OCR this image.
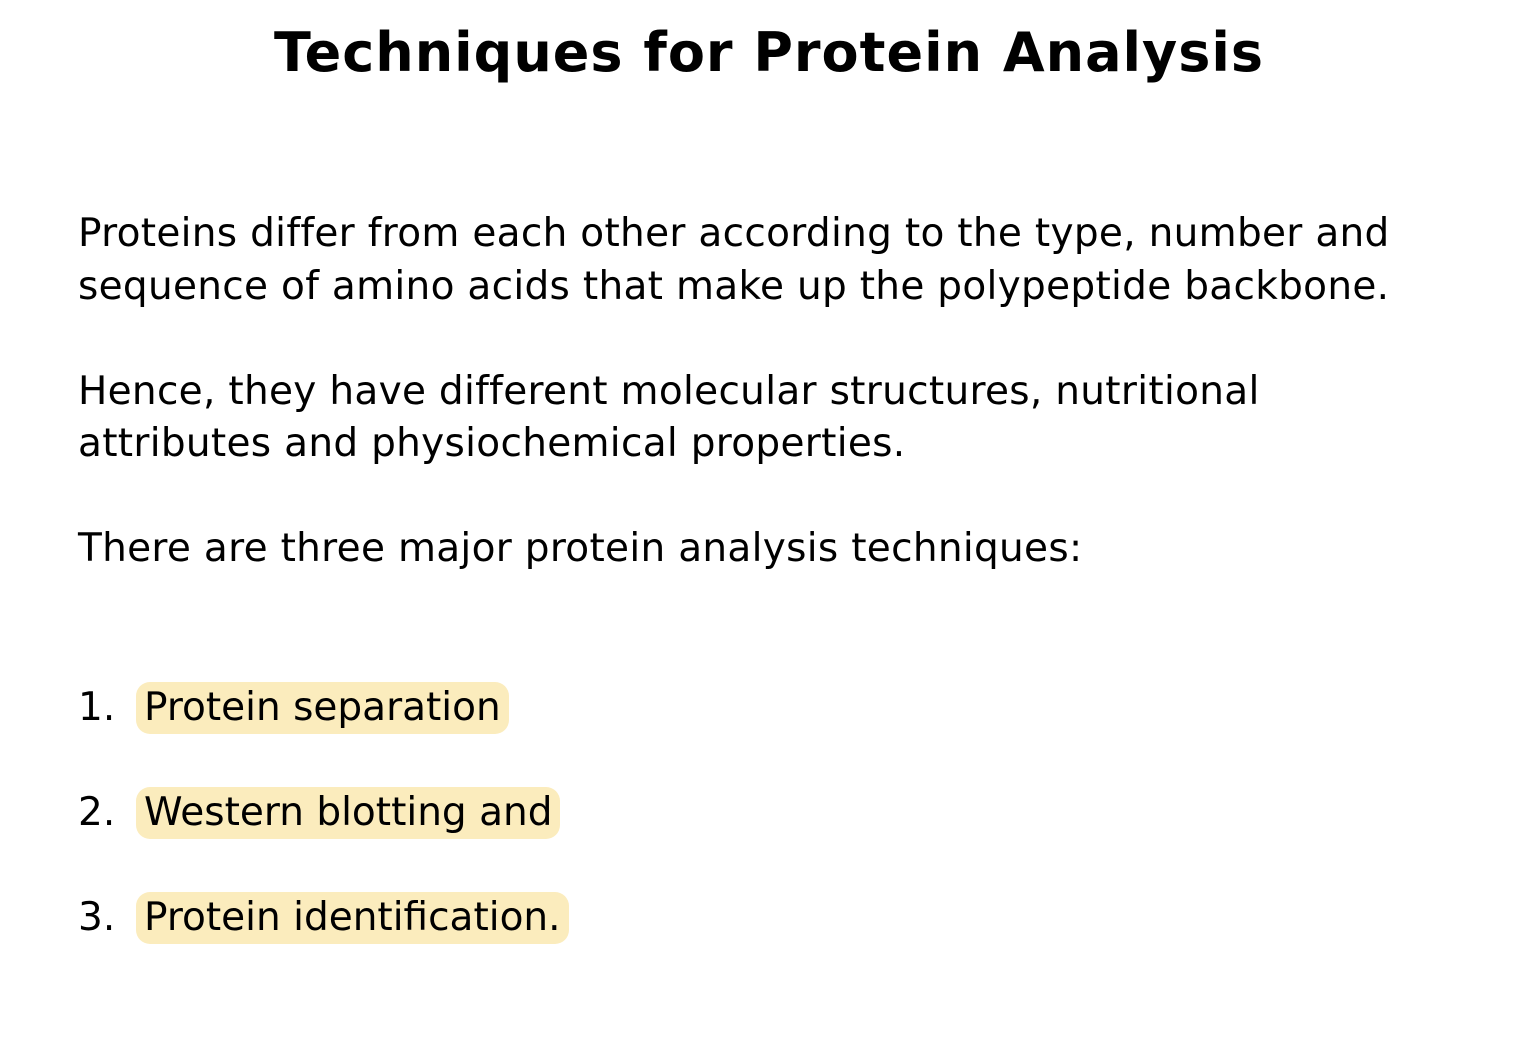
Techniques for Protein Analysis

Proteins differ from each other according to the type, number and sequence of amino acids that make up the polypeptide backbone.

Hence, they have different molecular structures, nutritional attributes and physiochemical properties.

There are three major protein analysis techniques:

1. Protein separation
2. Western blotting and
3. Protein identification.
